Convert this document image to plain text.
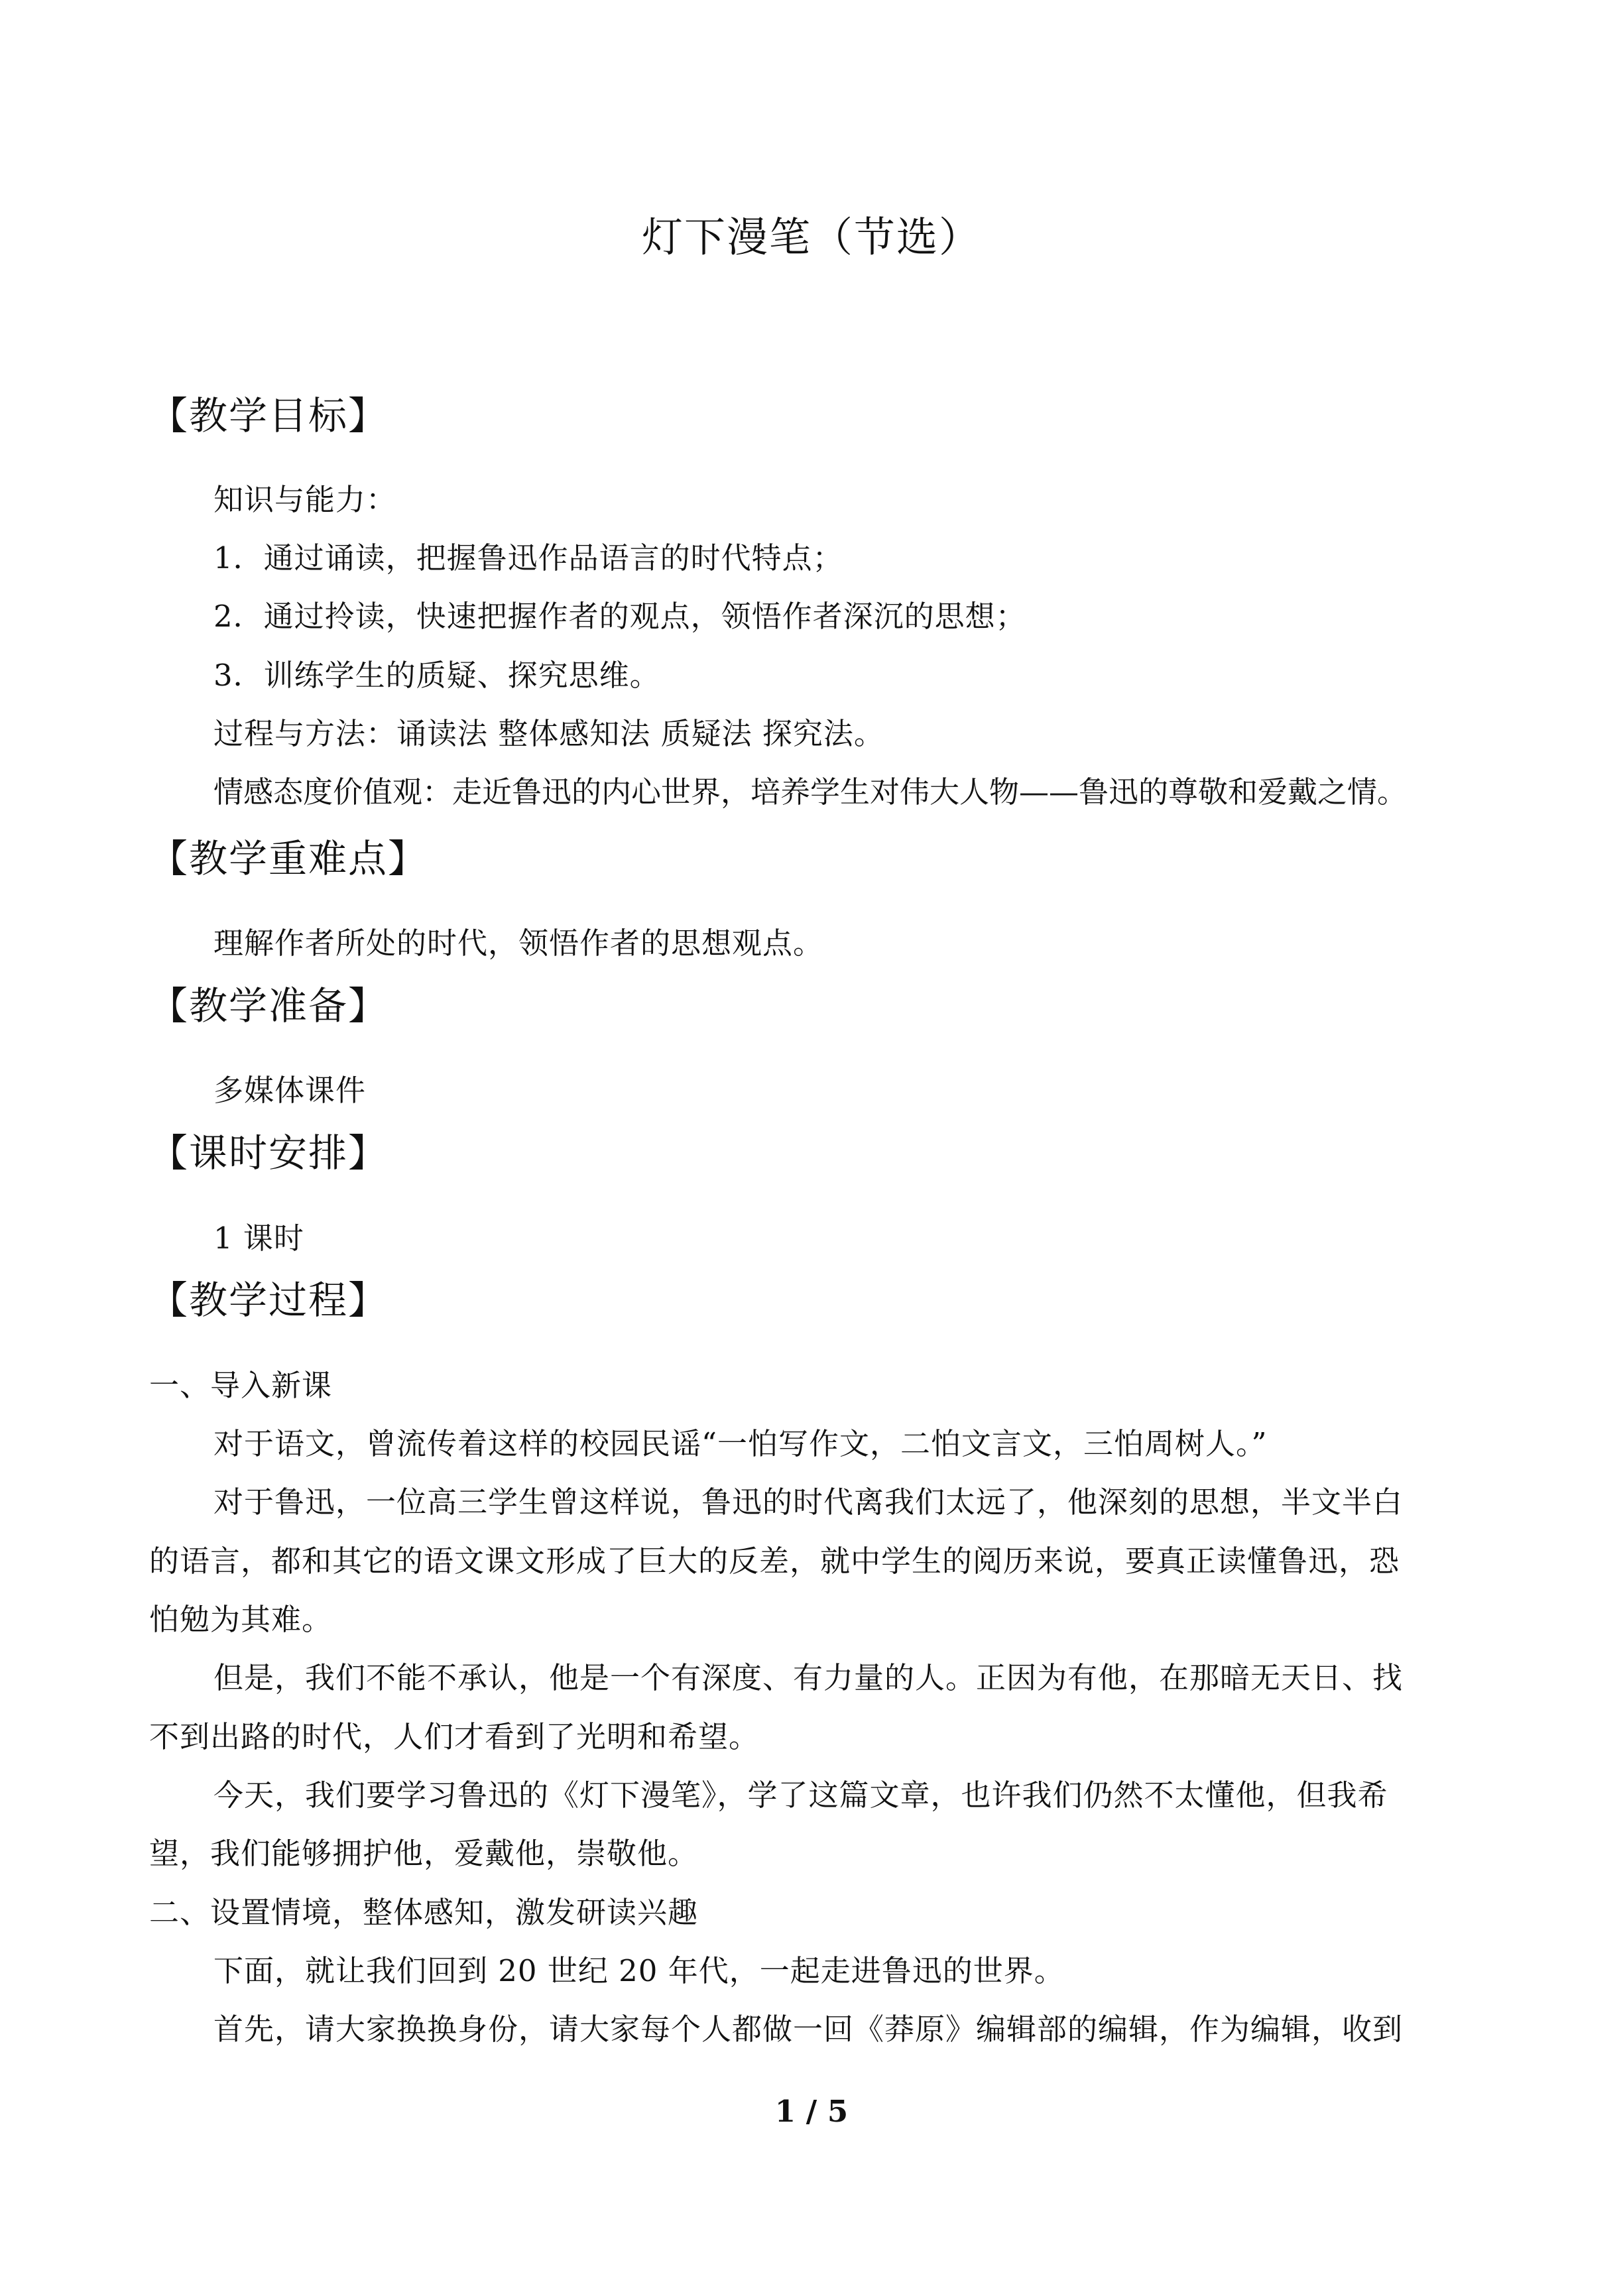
灯下漫笔（节选）
【教学目标】
知识与能力：
1．通过诵读，把握鲁迅作品语言的时代特点；
2．通过拎读，快速把握作者的观点，领悟作者深沉的思想；
3．训练学生的质疑、探究思维。
过程与方法：诵读法 整体感知法 质疑法 探究法。
情感态度价值观：走近鲁迅的内心世界，培养学生对伟大人物——鲁迅的尊敬和爱戴之情。
【教学重难点】
理解作者所处的时代，领悟作者的思想观点。
【教学准备】
多媒体课件
【课时安排】
1 课时
【教学过程】
一、导入新课
对于语文，曾流传着这样的校园民谣“一怕写作文，二怕文言文，三怕周树人。”
对于鲁迅，一位高三学生曾这样说，鲁迅的时代离我们太远了，他深刻的思想，半文半白
的语言，都和其它的语文课文形成了巨大的反差，就中学生的阅历来说，要真正读懂鲁迅，恐
怕勉为其难。
但是，我们不能不承认，他是一个有深度、有力量的人。正因为有他，在那暗无天日、找
不到出路的时代，人们才看到了光明和希望。
今天，我们要学习鲁迅的《灯下漫笔》，学了这篇文章，也许我们仍然不太懂他，但我希
望，我们能够拥护他，爱戴他，崇敬他。
二、设置情境，整体感知，激发研读兴趣
下面，就让我们回到 20 世纪 20 年代，一起走进鲁迅的世界。
首先，请大家换换身份，请大家每个人都做一回《莽原》编辑部的编辑，作为编辑，收到
1 / 5
